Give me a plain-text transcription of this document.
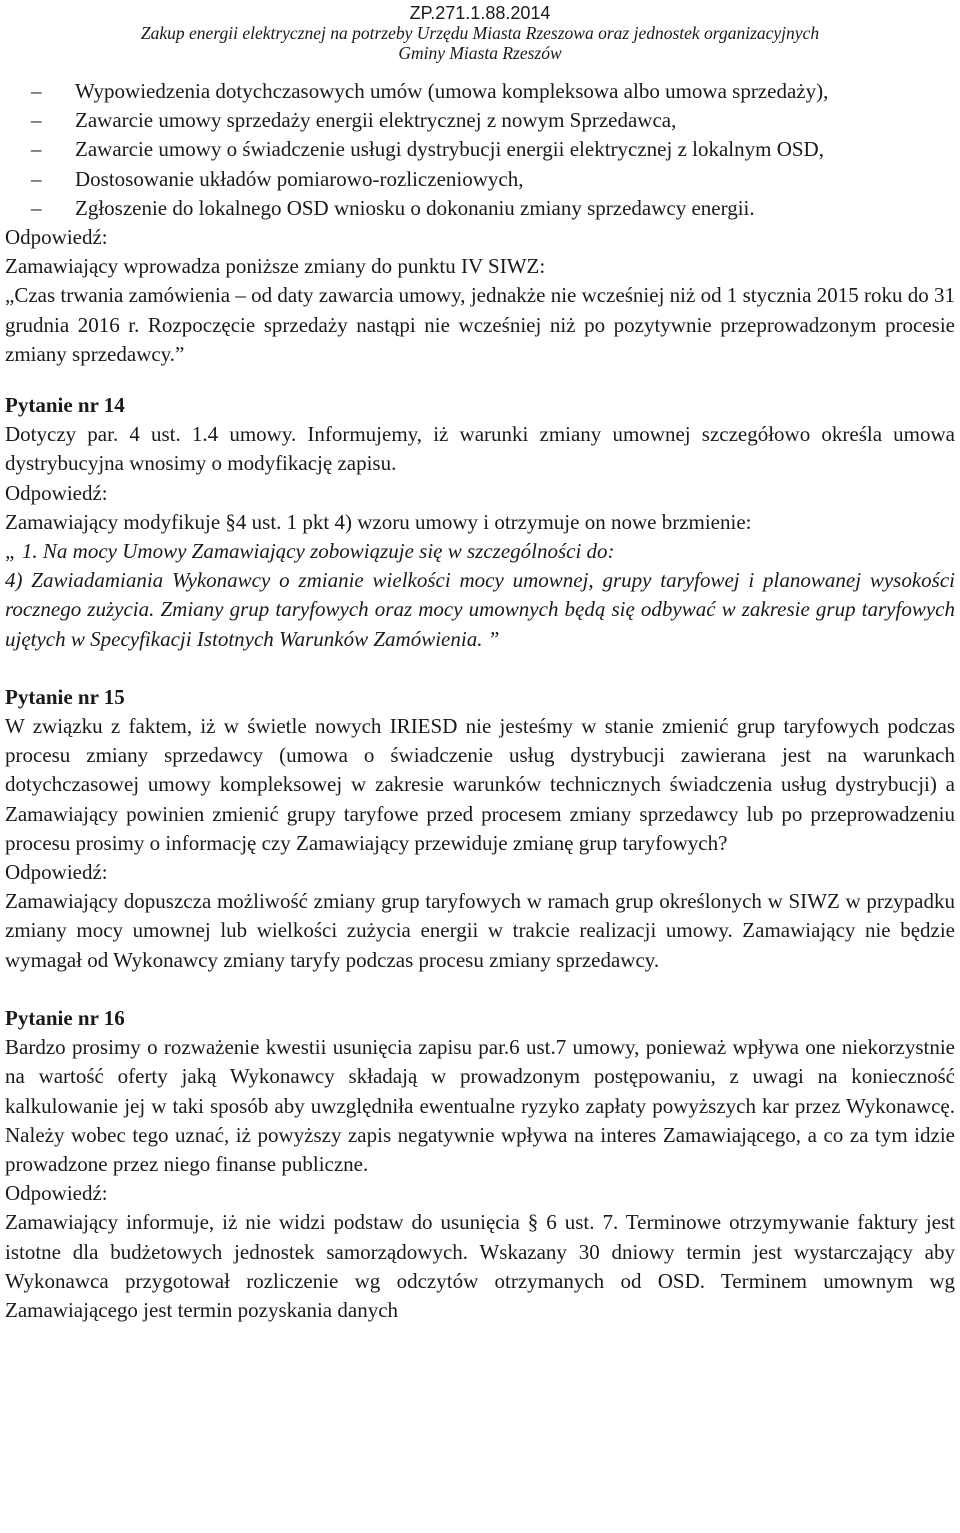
ZP.271.1.88.2014
Zakup energii elektrycznej na potrzeby Urzędu Miasta Rzeszowa oraz jednostek organizacyjnych
Gminy Miasta Rzeszów

– Wypowiedzenia dotychczasowych umów (umowa kompleksowa albo umowa sprzedaży),

– Zawarcie umowy sprzedaży energii elektrycznej z nowym Sprzedawca,

– Zawarcie umowy o świadczenie usługi dystrybucji energii elektrycznej z lokalnym OSD,

– Dostosowanie układów pomiarowo-rozliczeniowych,

– Zgłoszenie do lokalnego OSD wniosku o dokonaniu zmiany sprzedawcy energii.

Odpowiedź:

Zamawiający wprowadza poniższe zmiany do punktu IV SIWZ:

„Czas trwania zamówienia – od daty zawarcia umowy, jednakże nie wcześniej niż od 1 stycznia 2015 roku do 31 grudnia 2016 r. Rozpoczęcie sprzedaży nastąpi nie wcześniej niż po pozytywnie przeprowadzonym procesie zmiany sprzedawcy.”

Pytanie nr 14

Dotyczy par. 4 ust. 1.4 umowy. Informujemy, iż warunki zmiany umownej szczegółowo określa umowa dystrybucyjna wnosimy o modyfikację zapisu.

Odpowiedź:

Zamawiający modyfikuje §4 ust. 1 pkt 4) wzoru umowy i otrzymuje on nowe brzmienie:

„ 1. Na mocy Umowy Zamawiający zobowiązuje się w szczególności do:

4) Zawiadamiania Wykonawcy o zmianie wielkości mocy umownej, grupy taryfowej i planowanej wysokości rocznego zużycia. Zmiany grup taryfowych oraz mocy umownych będą się odbywać w zakresie grup taryfowych ujętych w Specyfikacji Istotnych Warunków Zamówienia. ”

Pytanie nr 15

W związku z faktem, iż w świetle nowych IRIESD nie jesteśmy w stanie zmienić grup taryfowych podczas procesu zmiany sprzedawcy (umowa o świadczenie usług dystrybucji zawierana jest na warunkach dotychczasowej umowy kompleksowej w zakresie warunków technicznych świadczenia usług dystrybucji) a Zamawiający powinien zmienić grupy taryfowe przed procesem zmiany sprzedawcy lub po przeprowadzeniu procesu prosimy o informację czy Zamawiający przewiduje zmianę grup taryfowych?

Odpowiedź:

Zamawiający dopuszcza możliwość zmiany grup taryfowych w ramach grup określonych w SIWZ w przypadku zmiany mocy umownej lub wielkości zużycia energii w trakcie realizacji umowy. Zamawiający nie będzie wymagał od Wykonawcy zmiany taryfy podczas procesu zmiany sprzedawcy.

Pytanie nr 16

Bardzo prosimy o rozważenie kwestii usunięcia zapisu par.6 ust.7 umowy, ponieważ wpływa one niekorzystnie na wartość oferty jaką Wykonawcy składają w prowadzonym postępowaniu, z uwagi na konieczność kalkulowanie jej w taki sposób aby uwzględniła ewentualne ryzyko zapłaty powyższych kar przez Wykonawcę. Należy wobec tego uznać, iż powyższy zapis negatywnie wpływa na interes Zamawiającego, a co za tym idzie prowadzone przez niego finanse publiczne.

Odpowiedź:

Zamawiający informuje, iż nie widzi podstaw do usunięcia § 6 ust. 7. Terminowe otrzymywanie faktury jest istotne dla budżetowych jednostek samorządowych. Wskazany 30 dniowy termin jest wystarczający aby Wykonawca przygotował rozliczenie wg odczytów otrzymanych od OSD. Terminem umownym wg Zamawiającego jest termin pozyskania danych
